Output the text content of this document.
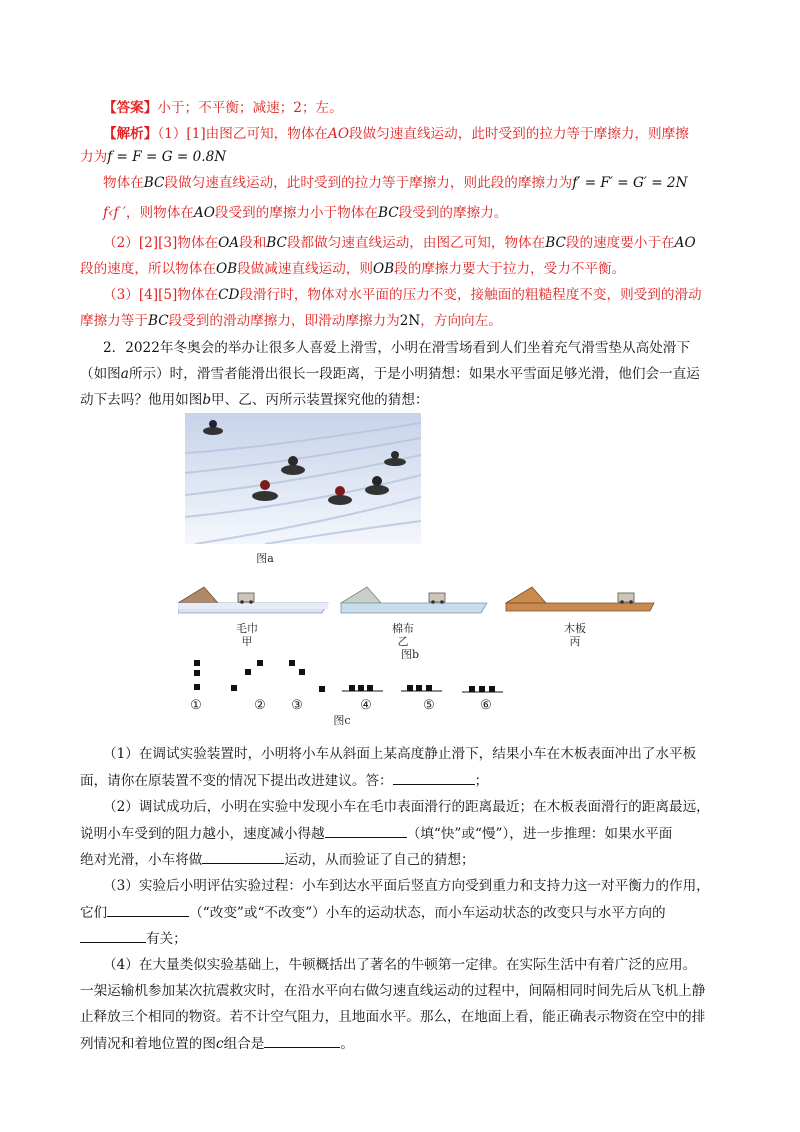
【答案】小于；不平衡；减速；2；左。
【解析】（1）[1]由图乙可知，物体在AO段做匀速直线运动，此时受到的拉力等于摩擦力，则摩擦
力为f = F = G = 0.8N
物体在BC段做匀速直线运动，此时受到的拉力等于摩擦力，则此段的摩擦力为f′ = F′ = G′ = 2N
f‹f ′，则物体在AO段受到的摩擦力小于物体在BC段受到的摩擦力。
（2）[2][3]物体在OA段和BC段都做匀速直线运动，由图乙可知，物体在BC段的速度要小于在AO
段的速度，所以物体在OB段做减速直线运动，则OB段的摩擦力要大于拉力，受力不平衡。
（3）[4][5]物体在CD段滑行时，物体对水平面的压力不变，接触面的粗糙程度不变，则受到的滑动
摩擦力等于BC段受到的滑动摩擦力，即滑动摩擦力为2N，方向向左。
2．2022年冬奥会的举办让很多人喜爱上滑雪，小明在滑雪场看到人们坐着充气滑雪垫从高处滑下
（如图a所示）时，滑雪者能滑出很长一段距离，于是小明猜想：如果水平雪面足够光滑，他们会一直运
动下去吗？他用如图b甲、乙、丙所示装置探究他的猜想：
图a
毛巾
甲
棉布
乙
图b
木板
丙
①	②	③	④	⑤	⑥
图c
（1）在调试实验装置时，小明将小车从斜面上某高度静止滑下，结果小车在木板表面冲出了水平板
面，请你在原装置不变的情况下提出改进建议。答：	；
（2）调试成功后，小明在实验中发现小车在毛巾表面滑行的距离最近；在木板表面滑行的距离最远，
说明小车受到的阻力越小，速度减小得越	（填“快”或“慢”），进一步推理：如果水平面
绝对光滑，小车将做	运动，从而验证了自己的猜想；
（3）实验后小明评估实验过程：小车到达水平面后竖直方向受到重力和支持力这一对平衡力的作用，
它们	（“改变”或“不改变”）小车的运动状态，而小车运动状态的改变只与水平方向的
有关；
（4）在大量类似实验基础上，牛顿概括出了著名的牛顿第一定律。在实际生活中有着广泛的应用。
一架运输机参加某次抗震救灾时，在沿水平向右做匀速直线运动的过程中，间隔相同时间先后从飞机上静
止释放三个相同的物资。若不计空气阻力，且地面水平。那么，在地面上看，能正确表示物资在空中的排
列情况和着地位置的图c组合是	。
